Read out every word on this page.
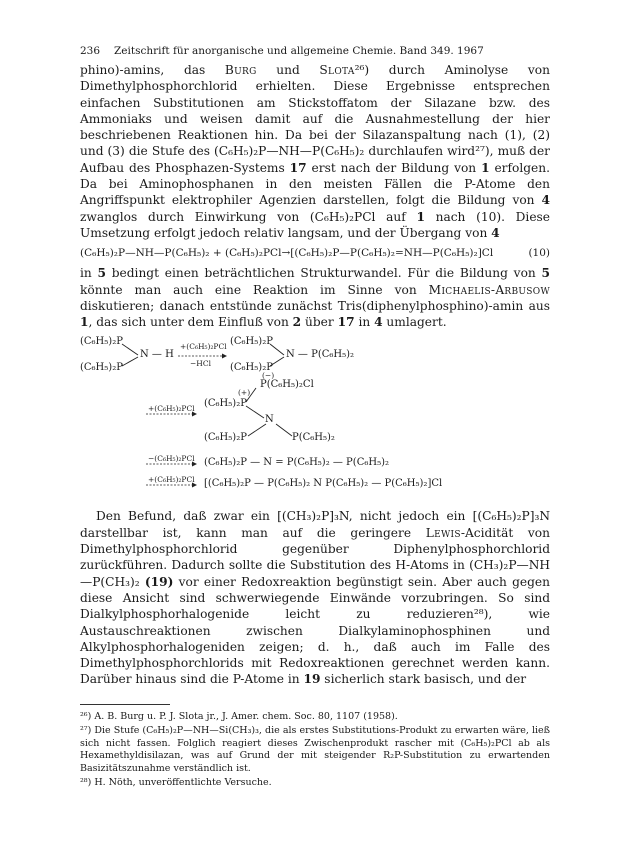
236	Zeitschrift für anorganische und allgemeine Chemie. Band 349. 1967

phino)-amins, das Burg und Slota²⁶) durch Aminolyse von Dimethylphosphorchlorid erhielten. Diese Ergebnisse entsprechen einfachen Substitutionen am Stickstoffatom der Silazane bzw. des Ammoniaks und weisen damit auf die Ausnahmestellung der hier beschriebenen Reaktionen hin. Da bei der Silazanspaltung nach (1), (2) und (3) die Stufe des (C₆H₅)₂P—NH—P(C₆H₅)₂ durchlaufen wird²⁷), muß der Aufbau des Phosphazen-Systems 17 erst nach der Bildung von 1 erfolgen. Da bei Aminophosphanen in den meisten Fällen die P-Atome den Angriffspunkt elektrophiler Agenzien darstellen, folgt die Bildung von 4 zwanglos durch Einwirkung von (C₆H₅)₂PCl auf 1 nach (10). Diese Umsetzung erfolgt jedoch relativ langsam, und der Übergang von 4

(C₆H₅)₂P—NH—P(C₆H₅)₂ + (C₆H₅)₂PCl→[(C₆H₅)₂P—P(C₆H₅)₂=NH—P(C₆H₅)₂]Cl	(10)

in 5 bedingt einen beträchtlichen Strukturwandel. Für die Bildung von 5 könnte man auch eine Reaktion im Sinne von Michaelis-Arbusow diskutieren; danach entstünde zunächst Tris(diphenylphosphino)-amin aus 1, das sich unter dem Einfluß von 2 über 17 in 4 umlagert.

(C₆H₅)₂P
(C₆H₅)₂P
N — H
+(C₆H₅)₂PCl
−HCl
(C₆H₅)₂P
(C₆H₅)₂P
N — P(C₆H₅)₂
+(C₆H₅)₂PCl
(−)
P(C₆H₅)₂Cl
(+)
(C₆H₅)₂P
N
(C₆H₅)₂P	P(C₆H₅)₂
−(C₆H₅)₂PCl (C₆H₅)₂P — N = P(C₆H₅)₂ — P(C₆H₅)₂
+(C₆H₅)₂PCl [(C₆H₅)₂P — P(C₆H₅)₂ N P(C₆H₅)₂ — P(C₆H₅)₂]Cl

Den Befund, daß zwar ein [(CH₃)₂P]₃N, nicht jedoch ein [(C₆H₅)₂P]₃N darstellbar ist, kann man auf die geringere Lewis-Acidität von Dimethylphosphorchlorid gegenüber Diphenylphosphorchlorid zurückführen. Dadurch sollte die Substitution des H-Atoms in (CH₃)₂P—NH—P(CH₃)₂ (19) vor einer Redoxreaktion begünstigt sein. Aber auch gegen diese Ansicht sind schwerwiegende Einwände vorzubringen. So sind Dialkylphosphorhalogenide leicht zu reduzieren²⁸), wie Austauschreaktionen zwischen Dialkylaminophosphinen und Alkylphosphorhalogeniden zeigen; d. h., daß auch im Falle des Dimethylphosphorchlorids mit Redoxreaktionen gerechnet werden kann. Darüber hinaus sind die P-Atome in 19 sicherlich stark basisch, und der

²⁶) A. B. Burg u. P. J. Slota jr., J. Amer. chem. Soc. 80, 1107 (1958).

²⁷) Die Stufe (C₆H₅)₂P—NH—Si(CH₃)₃, die als erstes Substitutions-Produkt zu erwarten wäre, ließ sich nicht fassen. Folglich reagiert dieses Zwischenprodukt rascher mit (C₆H₅)₂PCl ab als Hexamethyldisilazan, was auf Grund der mit steigender R₂P-Substitution zu erwartenden Basizitätszunahme verständlich ist.

²⁸) H. Nöth, unveröffentlichte Versuche.
